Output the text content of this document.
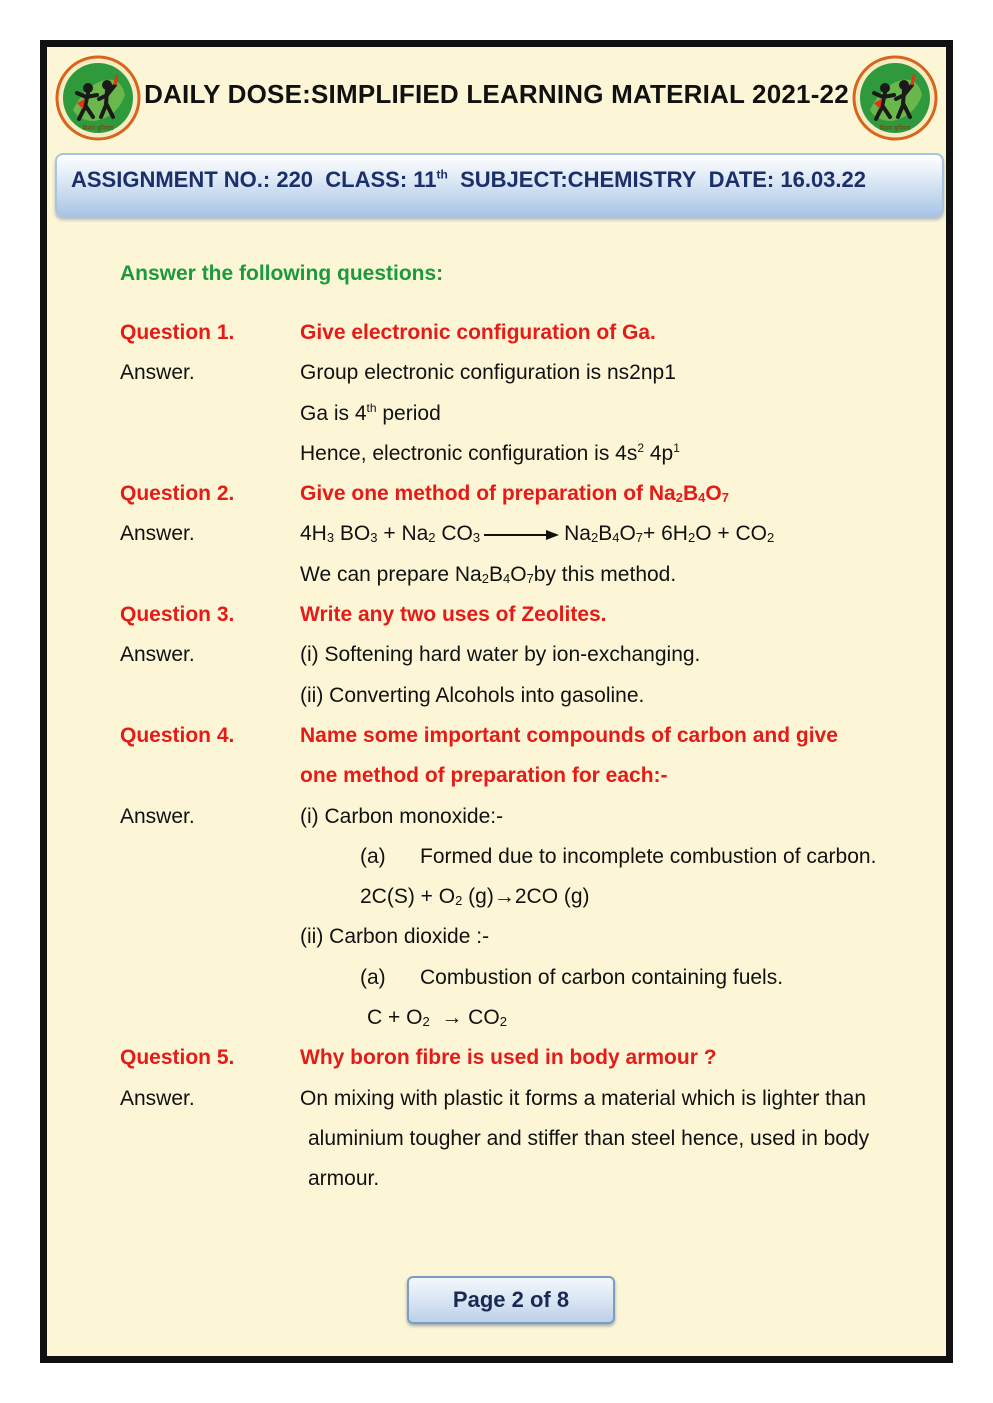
मिशन बुनियाद	मिशन बुनियाद
DAILY DOSE:SIMPLIFIED LEARNING MATERIAL 2021-22
ASSIGNMENT NO.: 220 CLASS: 11th SUBJECT:CHEMISTRY DATE: 16.03.22
Answer the following questions:
Question 1.	Give electronic configuration of Ga.
Answer.	Group electronic configuration is ns2np1
Ga is 4th period
Hence, electronic configuration is $4s^2$ $4p^1$
Question 2.	Give one method of preparation of $Na_2B_4O_7$
Answer.	$4H_3$ $BO_3 + Na_2$ $CO_3 \to Na_2B_4O_7+ 6H_2O + CO_2$
We can prepare $Na_2B_4O_7by$ this method.
Question 3.	Write any two uses of Zeolites.
Answer.	(i) Softening hard water by ion-exchanging.
(ii) Converting Alcohols into gasoline.
Question 4.	Name some important compounds of carbon and give
one method of preparation for each:-
Answer.	(i) Carbon monoxide:-
(a) Formed due to incomplete combustion of carbon.
$2C(S) + O_2$ (g)→2CO (g)
(ii) Carbon dioxide :-
(a) Combustion of carbon containing fuels.
$C + O_2 \to CO_2$
Question 5.	Why boron fibre is used in body armour ?
Answer.	On mixing with plastic it forms a material which is lighter than
aluminium tougher and stiffer than steel hence, used in body
armour.
Page 2 of 8
